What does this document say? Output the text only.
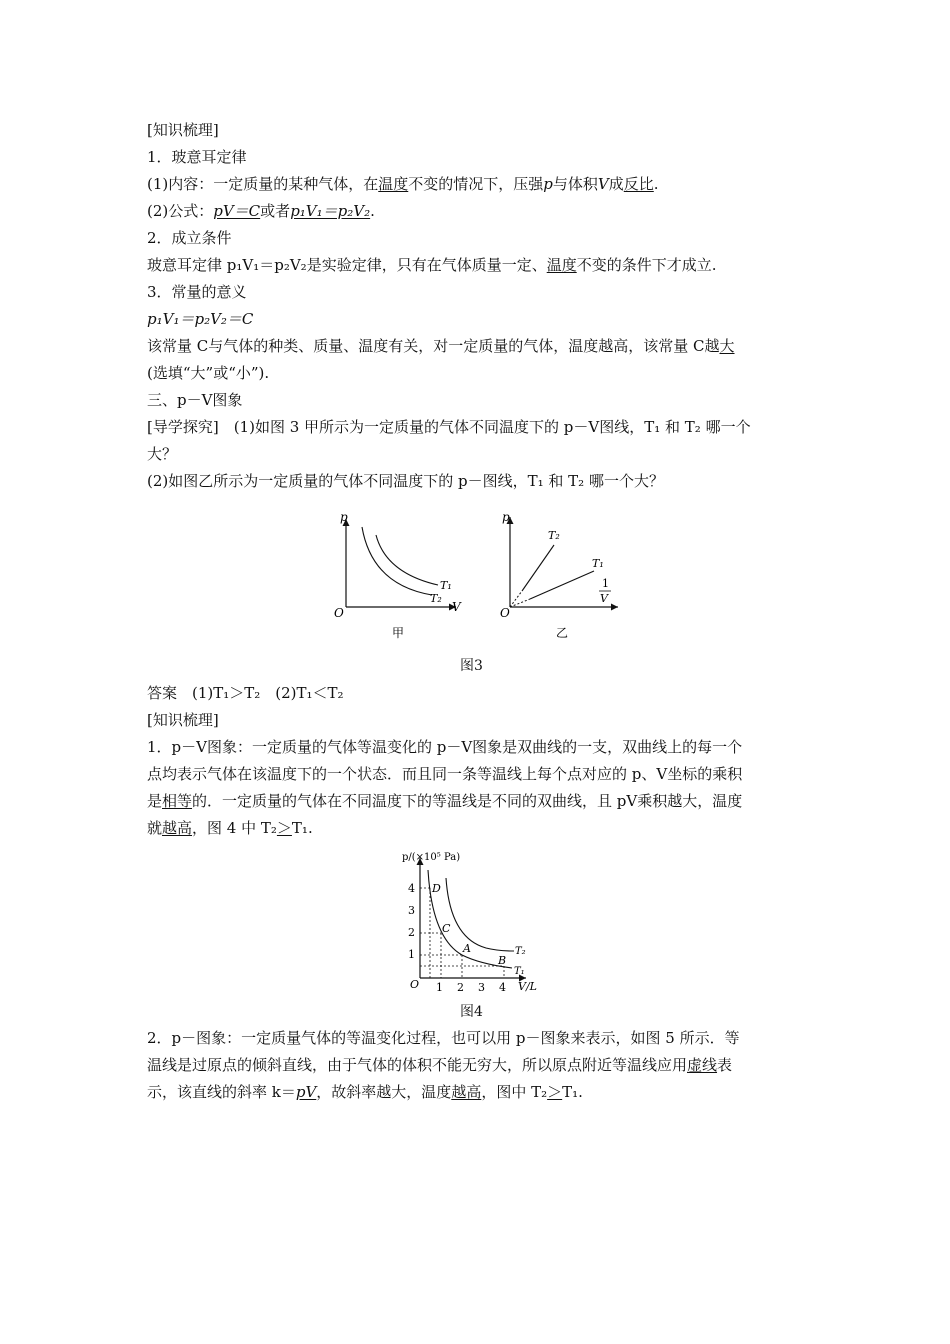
[知识梳理]
1．玻意耳定律
(1)内容：一定质量的某种气体，在温度不变的情况下，压强p与体积V成反比.
(2)公式：pV＝C或者p₁V₁＝p₂V₂.
2．成立条件
玻意耳定律 p₁V₁＝p₂V₂是实验定律，只有在气体质量一定、温度不变的条件下才成立.
3．常量的意义
p₁V₁＝p₂V₂＝C
该常量 C与气体的种类、质量、温度有关，对一定质量的气体，温度越高，该常量 C越大
(选填“大”或“小”).
三、p－V图象
[导学探究]　(1)如图 3 甲所示为一定质量的气体不同温度下的 p－V图线，T₁ 和 T₂ 哪一个
大？
(2)如图乙所示为一定质量的气体不同温度下的 p－图线，T₁ 和 T₂ 哪一个大？
p
V
O
T₁
T₂
甲
p
O
T₂
T₁
1
V
乙
图3
答案　(1)T₁＞T₂　(2)T₁＜T₂
[知识梳理]
1．p－V图象：一定质量的气体等温变化的 p－V图象是双曲线的一支，双曲线上的每一个
点均表示气体在该温度下的一个状态．而且同一条等温线上每个点对应的 p、V坐标的乘积
是相等的．一定质量的气体在不同温度下的等温线是不同的双曲线，且 pV乘积越大，温度
就越高，图 4 中 T₂＞T₁.
1
2
3
4
1 2 3 4
p/(×10⁵ Pa)
V/L
O
D
C
A
B
T₁
T₂
图4
2．p－图象：一定质量气体的等温变化过程，也可以用 p－图象来表示，如图 5 所示．等
温线是过原点的倾斜直线，由于气体的体积不能无穷大，所以原点附近等温线应用虚线表
示，该直线的斜率 k＝pV，故斜率越大，温度越高，图中 T₂＞T₁.
